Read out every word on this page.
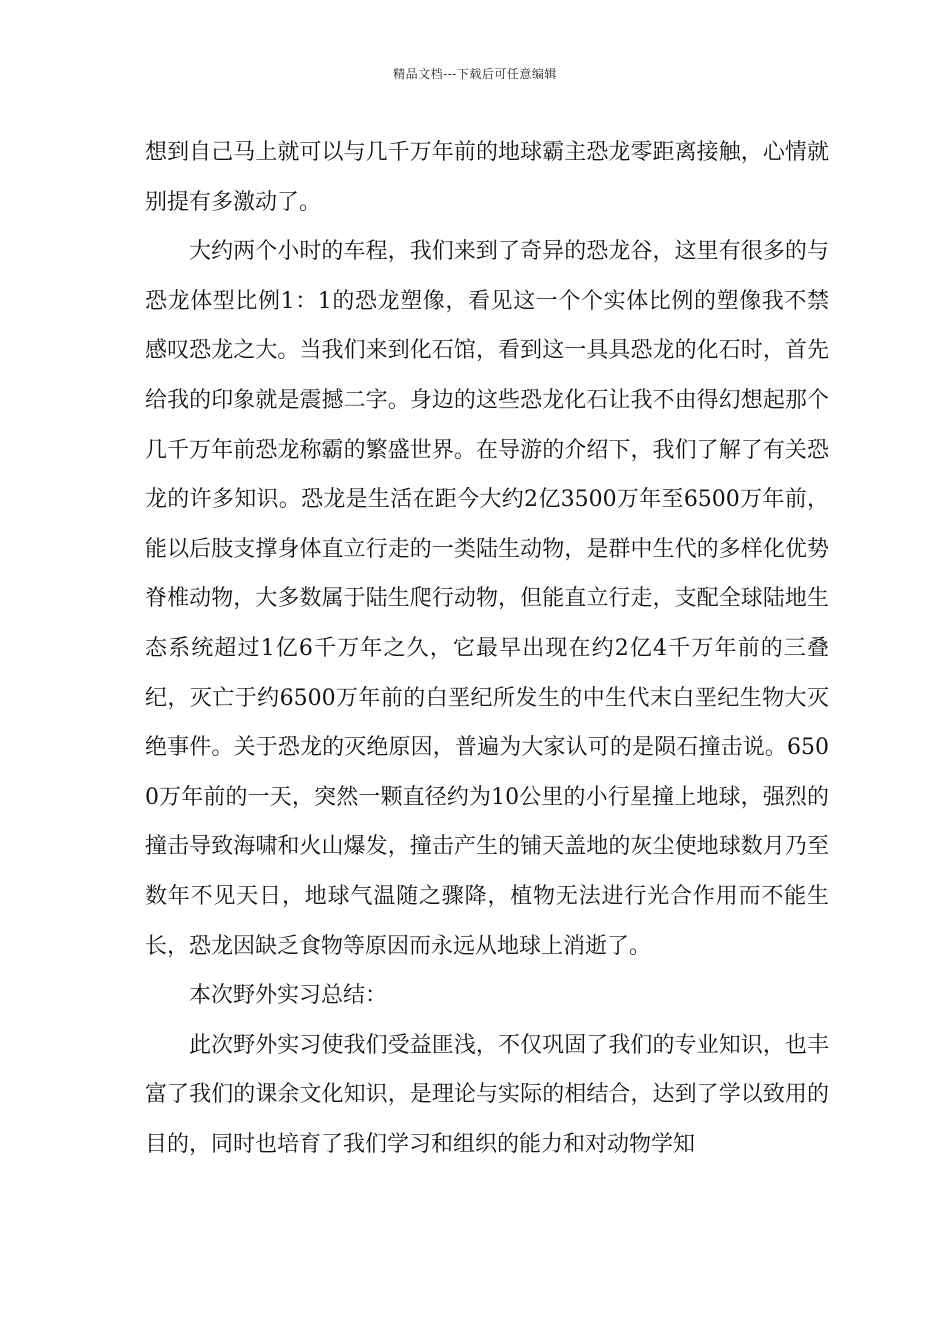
精品文档---下载后可任意编辑

想到自己马上就可以与几千万年前的地球霸主恐龙零距离接触，心情就别提有多激动了。

大约两个小时的车程，我们来到了奇异的恐龙谷，这里有很多的与恐龙体型比例1：1的恐龙塑像，看见这一个个实体比例的塑像我不禁感叹恐龙之大。当我们来到化石馆，看到这一具具恐龙的化石时，首先给我的印象就是震撼二字。身边的这些恐龙化石让我不由得幻想起那个几千万年前恐龙称霸的繁盛世界。在导游的介绍下，我们了解了有关恐龙的许多知识。恐龙是生活在距今大约2亿3500万年至6500万年前，能以后肢支撑身体直立行走的一类陆生动物，是群中生代的多样化优势脊椎动物，大多数属于陆生爬行动物，但能直立行走，支配全球陆地生态系统超过1亿6千万年之久，它最早出现在约2亿4千万年前的三叠纪，灭亡于约6500万年前的白垩纪所发生的中生代末白垩纪生物大灭绝事件。关于恐龙的灭绝原因，普遍为大家认可的是陨石撞击说。6500万年前的一天，突然一颗直径约为10公里的小行星撞上地球，强烈的撞击导致海啸和火山爆发，撞击产生的铺天盖地的灰尘使地球数月乃至数年不见天日，地球气温随之骤降，植物无法进行光合作用而不能生长，恐龙因缺乏食物等原因而永远从地球上消逝了。

本次野外实习总结：

此次野外实习使我们受益匪浅，不仅巩固了我们的专业知识，也丰富了我们的课余文化知识，是理论与实际的相结合，达到了学以致用的目的，同时也培育了我们学习和组织的能力和对动物学知
